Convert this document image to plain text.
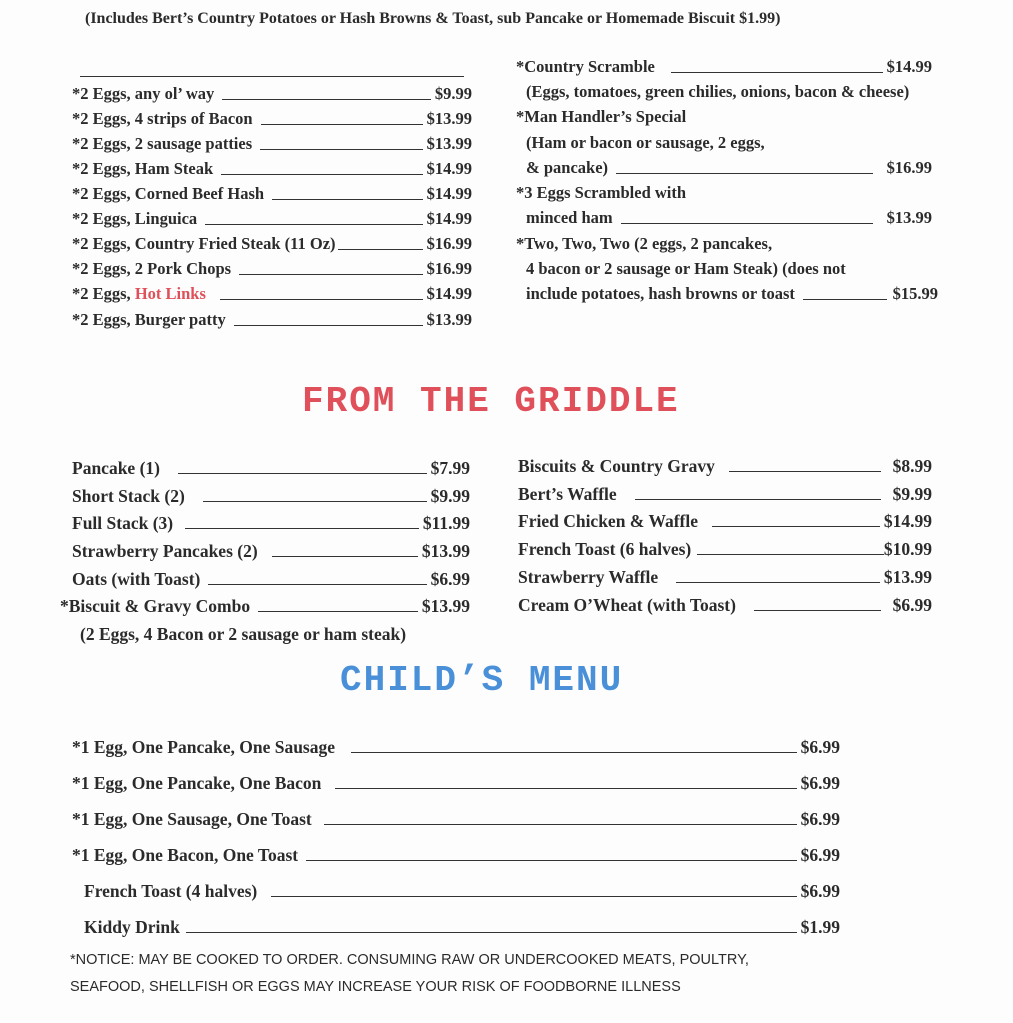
(Includes Bert’s Country Potatoes or Hash Browns & Toast, sub Pancake or Homemade Biscuit $1.99)
*2 Eggs, any ol’ way	$9.99
*2 Eggs, 4 strips of Bacon	$13.99
*2 Eggs, 2 sausage patties	$13.99
*2 Eggs, Ham Steak	$14.99
*2 Eggs, Corned Beef Hash	$14.99
*2 Eggs, Linguica	$14.99
*2 Eggs, Country Fried Steak (11 Oz)	$16.99
*2 Eggs, 2 Pork Chops	$16.99
*2 Eggs, Hot Links	$14.99
*2 Eggs, Burger patty	$13.99
*Country Scramble	$14.99
(Eggs, tomatoes, green chilies, onions, bacon & cheese)
*Man Handler’s Special
(Ham or bacon or sausage, 2 eggs,
& pancake)	$16.99
*3 Eggs Scrambled with
minced ham	$13.99
*Two, Two, Two (2 eggs, 2 pancakes,
4 bacon or 2 sausage or Ham Steak) (does not
include potatoes, hash browns or toast	$15.99
FROM THE GRIDDLE
Pancake (1)	$7.99
Short Stack (2)	$9.99
Full Stack (3)	$11.99
Strawberry Pancakes (2)	$13.99
Oats (with Toast)	$6.99
*Biscuit & Gravy Combo	$13.99
(2 Eggs, 4 Bacon or 2 sausage or ham steak)
Biscuits & Country Gravy	$8.99
Bert’s Waffle	$9.99
Fried Chicken & Waffle	$14.99
French Toast (6 halves)	$10.99
Strawberry Waffle	$13.99
Cream O’Wheat (with Toast)	$6.99
CHILD’S MENU
*1 Egg, One Pancake, One Sausage	$6.99
*1 Egg, One Pancake, One Bacon	$6.99
*1 Egg, One Sausage, One Toast	$6.99
*1 Egg, One Bacon, One Toast	$6.99
French Toast (4 halves)	$6.99
Kiddy Drink	$1.99
*NOTICE: MAY BE COOKED TO ORDER. CONSUMING RAW OR UNDERCOOKED MEATS, POULTRY,
SEAFOOD, SHELLFISH OR EGGS MAY INCREASE YOUR RISK OF FOODBORNE ILLNESS
